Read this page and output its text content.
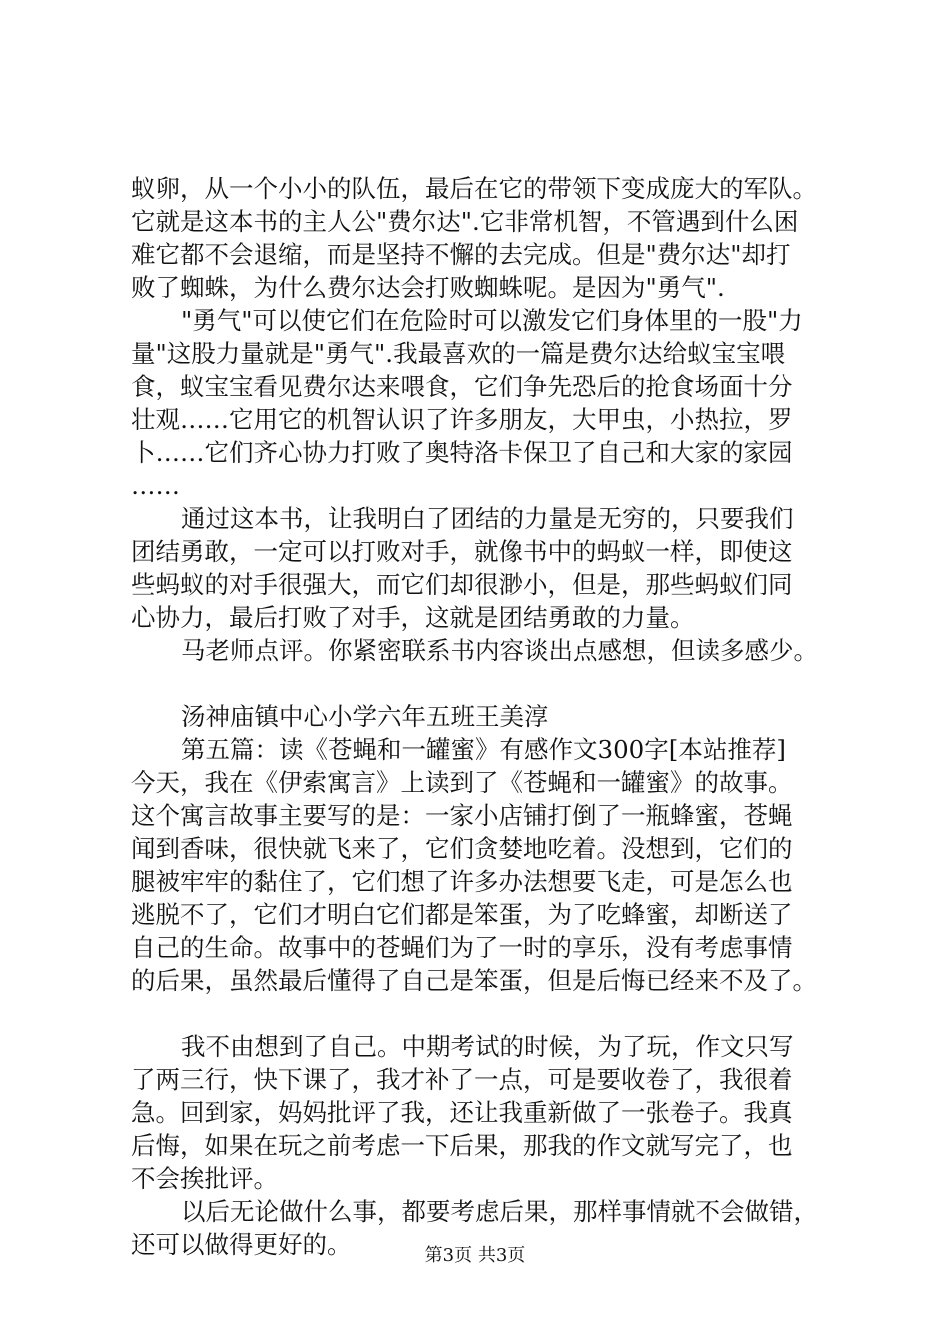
蚁卵，从一个小小的队伍，最后在它的带领下变成庞大的军队。
它就是这本书的主人公"费尔达".它非常机智，不管遇到什么困
难它都不会退缩，而是坚持不懈的去完成。但是"费尔达"却打
败了蜘蛛，为什么费尔达会打败蜘蛛呢。是因为"勇气".
"勇气"可以使它们在危险时可以激发它们身体里的一股"力
量"这股力量就是"勇气".我最喜欢的一篇是费尔达给蚁宝宝喂
食，蚁宝宝看见费尔达来喂食，它们争先恐后的抢食场面十分
壮观……它用它的机智认识了许多朋友，大甲虫，小热拉，罗
卜……它们齐心协力打败了奥特洛卡保卫了自己和大家的家园
……
通过这本书，让我明白了团结的力量是无穷的，只要我们
团结勇敢，一定可以打败对手，就像书中的蚂蚁一样，即使这
些蚂蚁的对手很强大，而它们却很渺小，但是，那些蚂蚁们同
心协力，最后打败了对手，这就是团结勇敢的力量。
马老师点评。你紧密联系书内容谈出点感想，但读多感少。
汤神庙镇中心小学六年五班王美淳
第五篇：读《苍蝇和一罐蜜》有感作文300字[本站推荐]
今天，我在《伊索寓言》上读到了《苍蝇和一罐蜜》的故事。
这个寓言故事主要写的是：一家小店铺打倒了一瓶蜂蜜，苍蝇
闻到香味，很快就飞来了，它们贪婪地吃着。没想到，它们的
腿被牢牢的黏住了，它们想了许多办法想要飞走，可是怎么也
逃脱不了，它们才明白它们都是笨蛋，为了吃蜂蜜，却断送了
自己的生命。故事中的苍蝇们为了一时的享乐，没有考虑事情
的后果，虽然最后懂得了自己是笨蛋，但是后悔已经来不及了。
我不由想到了自己。中期考试的时候，为了玩，作文只写
了两三行，快下课了，我才补了一点，可是要收卷了，我很着
急。回到家，妈妈批评了我，还让我重新做了一张卷子。我真
后悔，如果在玩之前考虑一下后果，那我的作文就写完了，也
不会挨批评。
以后无论做什么事，都要考虑后果，那样事情就不会做错，
还可以做得更好的。	第3页 共3页
